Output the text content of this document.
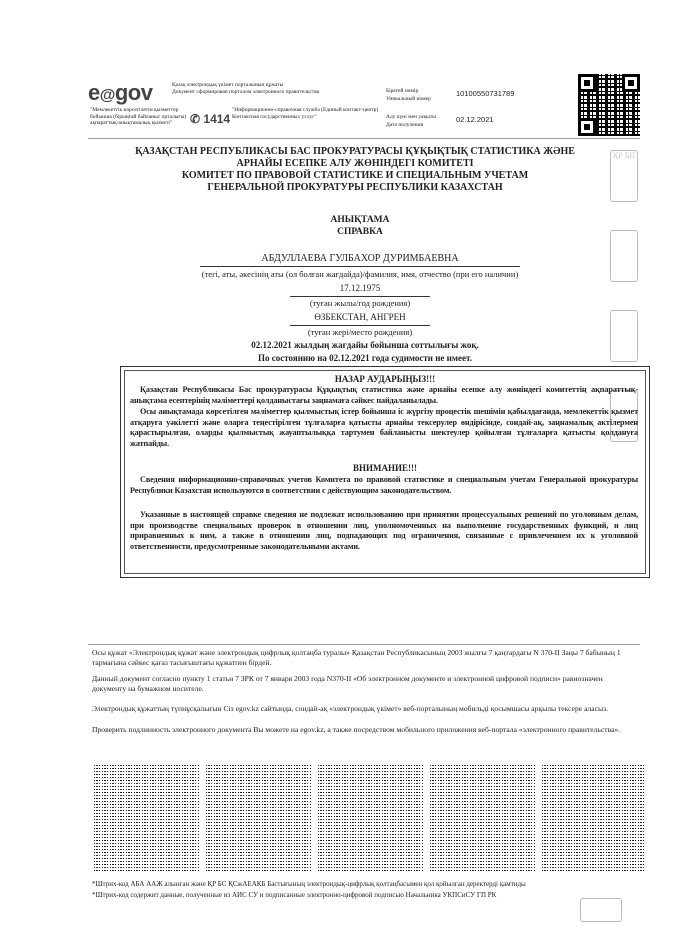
e@gov	Қазақ электрондық үкімет порталының құжаты
Документ сформирован порталом электронного правительства
"Мемлекеттік көрсетілетін қызметтер бойынша (бірыңғай байланыс орталығы) ақпараттық-анықтамалық қызметі"	✆ 1414
"Информационно-справочная служба (Единый контакт-центр) Контактная государственных услуг"
Бірегей нөмір
Уникальный номер
10100550731789
Алу күні мен уақыты
Дата получения
02.12.2021
ҚР БП
ҚАЗАҚСТАН РЕСПУБЛИКАСЫ БАС ПРОКУРАТУРАСЫ ҚҰҚЫҚТЫҚ СТАТИСТИКА ЖӘНЕ
АРНАЙЫ ЕСЕПКЕ АЛУ ЖӨНІНДЕГІ КОМИТЕТІ
КОМИТЕТ ПО ПРАВОВОЙ СТАТИСТИКЕ И СПЕЦИАЛЬНЫМ УЧЕТАМ
ГЕНЕРАЛЬНОЙ ПРОКУРАТУРЫ РЕСПУБЛИКИ КАЗАХСТАН
АНЫҚТАМА
СПРАВКА
АБДУЛЛАЕВА ГУЛБАХОР ДУРИМБАЕВНА
(тегі, аты, әкесінің аты (ол болған жағдайда)/фамилия, имя, отчество (при его наличии)
17.12.1975
(туған жылы/год рождения)
ӨЗБЕКСТАН, АНГРЕН
(туған жері/место рождения)
02.12.2021 жылдың жағдайы бойынша соттылығы жоқ.
По состоянию на 02.12.2021 года судимости не имеет.
НАЗАР АУДАРЫҢЫЗ!!!
Қазақстан Республикасы Бас прокуратурасы Құқықтық статистика және арнайы есепке алу жөніндегі комитеттің ақпараттық-анықтама есептерінің мәліметтері қолданыстағы заңнамаға сәйкес пайдаланылады.
Осы анықтамада көрсетілген мәліметтер қылмыстық істер бойынша іс жүргізу процестік шешімін қабылдағанда, мемлекеттік қызмет атқаруға уәкілетті және оларға теңестірілген тұлғаларға қатысты арнайы тексерулер өндірісінде, сондай-ақ, заңнамалық актілермен қарастырылған, оларды қылмыстық жауаптылыққа тартумен байланысты шектеулер қойылған тұлғаларға қатысты қолдануға жатпайды.
ВНИМАНИЕ!!!
Сведения информационно-справочных учетов Комитета по правовой статистике и специальным учетам Генеральной прокуратуры Республики Казахстан используются в соответствии с действующим законодательством.
Указанные в настоящей справке сведения не подлежат использованию при принятии процессуальных решений по уголовным делам, при производстве специальных проверок в отношении лиц, уполномоченных на выполнение государственных функций, и лиц приравненных к ним, а также в отношении лиц, подпадающих под ограничения, связанные с привлечением их к уголовной ответственности, предусмотренные законодательными актами.
Осы құжат «Электрондық құжат және электрондық цифрлық қолтаңба туралы» Қазақстан Республикасының 2003 жылғы 7 қаңтардағы N 370-II Заңы 7 бабының 1 тармағына сәйкес қағаз тасығыштағы құжатпен бірдей.
Данный документ согласно пункту 1 статьи 7 ЗРК от 7 января 2003 года N370-II «Об электронном документе и электронной цифровой подписи» равнозначен документу на бумажном носителе.
Электрондық құжаттың түпнұсқалығын Сіз egov.kz сайтында, сондай-ақ «электрондық үкімет» веб-порталының мобильді қосымшасы арқылы тексере аласыз.
Проверить подлинность электронного документа Вы можете на egov.kz, а также посредством мобильного приложения веб-портала «электронного правительства».
*Штрих-код АБА ААЖ алынған және ҚР БС ҚСжАЕАКБ Бастығының электрондық-цифрлық қолтаңбасымен қол қойылған деректерді қамтиды
*Штрих-код содержит данные, полученные из АИС СУ и подписанные электронно-цифровой подписью Начальника УКПСиСУ ГП РК
